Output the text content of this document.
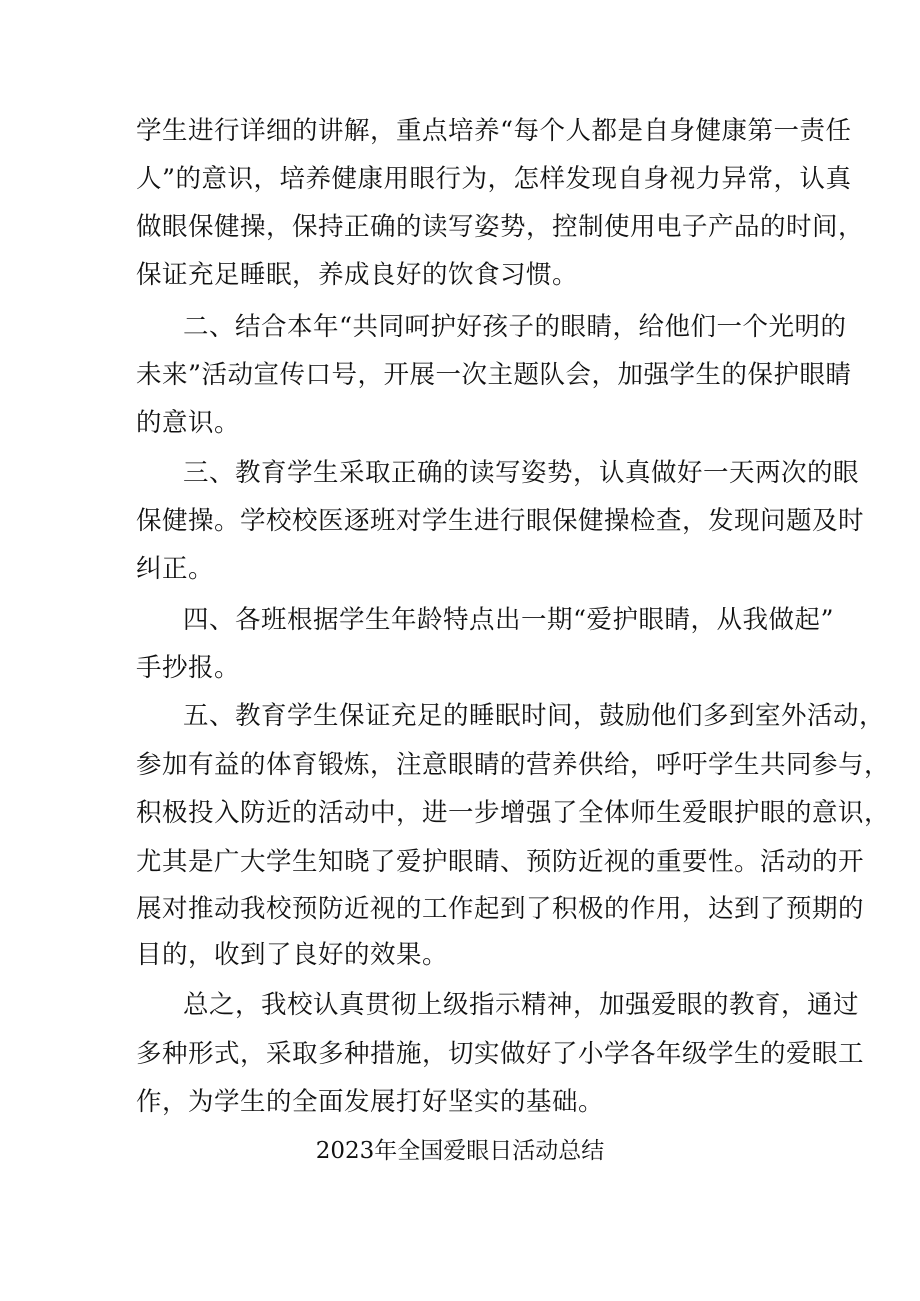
学生进行详细的讲解，重点培养“每个人都是自身健康第一责任
人”的意识，培养健康用眼行为，怎样发现自身视力异常，认真
做眼保健操，保持正确的读写姿势，控制使用电子产品的时间，
保证充足睡眠，养成良好的饮食习惯。
二、结合本年“共同呵护好孩子的眼睛，给他们一个光明的
未来”活动宣传口号，开展一次主题队会，加强学生的保护眼睛
的意识。
三、教育学生采取正确的读写姿势，认真做好一天两次的眼
保健操。学校校医逐班对学生进行眼保健操检查，发现问题及时
纠正。
四、各班根据学生年龄特点出一期“爱护眼睛，从我做起”
手抄报。
五、教育学生保证充足的睡眠时间，鼓励他们多到室外活动，
参加有益的体育锻炼，注意眼睛的营养供给，呼吁学生共同参与，
积极投入防近的活动中，进一步增强了全体师生爱眼护眼的意识，
尤其是广大学生知晓了爱护眼睛、预防近视的重要性。活动的开
展对推动我校预防近视的工作起到了积极的作用，达到了预期的
目的，收到了良好的效果。
总之，我校认真贯彻上级指示精神，加强爱眼的教育，通过
多种形式，采取多种措施，切实做好了小学各年级学生的爱眼工
作，为学生的全面发展打好坚实的基础。
2023年全国爱眼日活动总结
